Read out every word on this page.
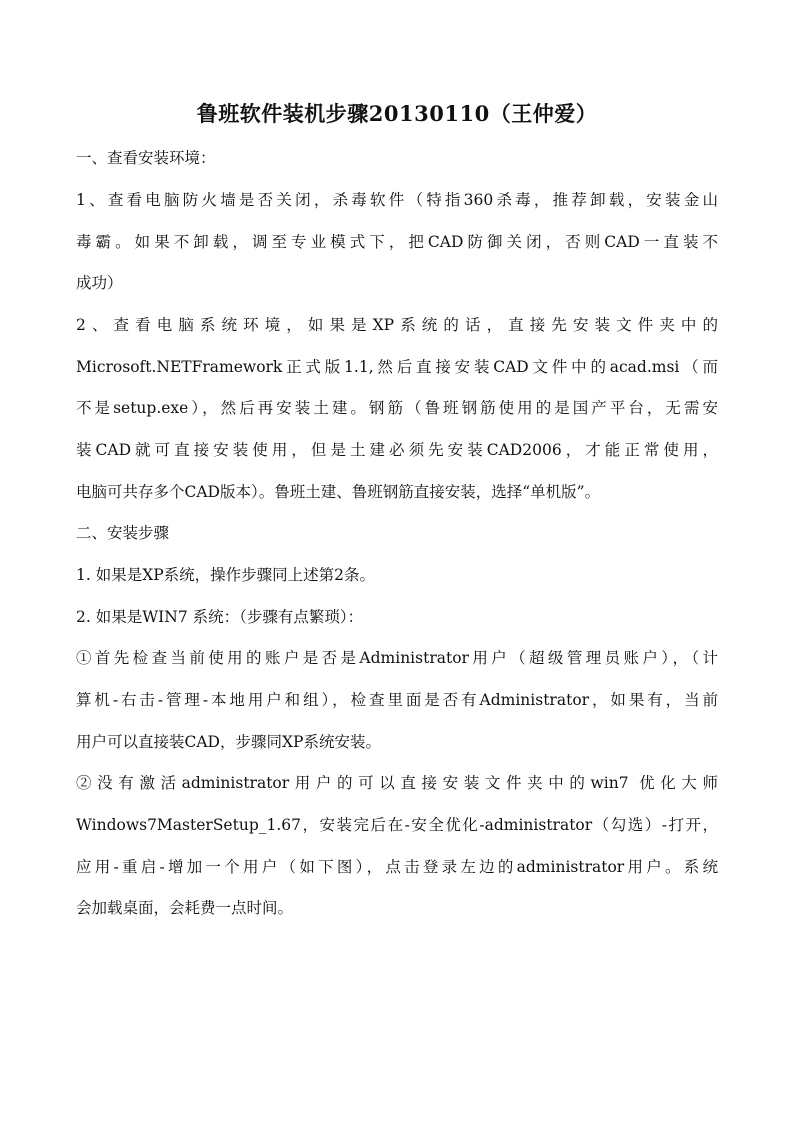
鲁班软件装机步骤20130110（王仲爱）
一、查看安装环境：
1、查看电脑防火墙是否关闭，杀毒软件（特指360杀毒，推荐卸载，安装金山
毒霸。如果不卸载，调至专业模式下，把CAD防御关闭，否则CAD一直装不
成功）
2、查看电脑系统环境，如果是XP系统的话，直接先安装文件夹中的
Microsoft.NETFramework正式版1.1,然后直接安装CAD文件中的acad.msi（而
不是setup.exe），然后再安装土建。钢筋（鲁班钢筋使用的是国产平台，无需安
装CAD就可直接安装使用，但是土建必须先安装CAD2006，才能正常使用，
电脑可共存多个CAD版本）。鲁班土建、鲁班钢筋直接安装，选择“单机版”。
二、安装步骤
1. 如果是XP系统，操作步骤同上述第2条。
2. 如果是WIN7 系统：（步骤有点繁琐）：
①首先检查当前使用的账户是否是Administrator用户（超级管理员账户），（计
算机-右击-管理-本地用户和组），检查里面是否有Administrator，如果有，当前
用户可以直接装CAD，步骤同XP系统安装。
②没有激活administrator用户的可以直接安装文件夹中的win7 优化大师
Windows7MasterSetup_1.67，安装完后在-安全优化-administrator（勾选）-打开，
应用-重启-增加一个用户（如下图），点击登录左边的administrator用户。系统
会加载桌面，会耗费一点时间。
